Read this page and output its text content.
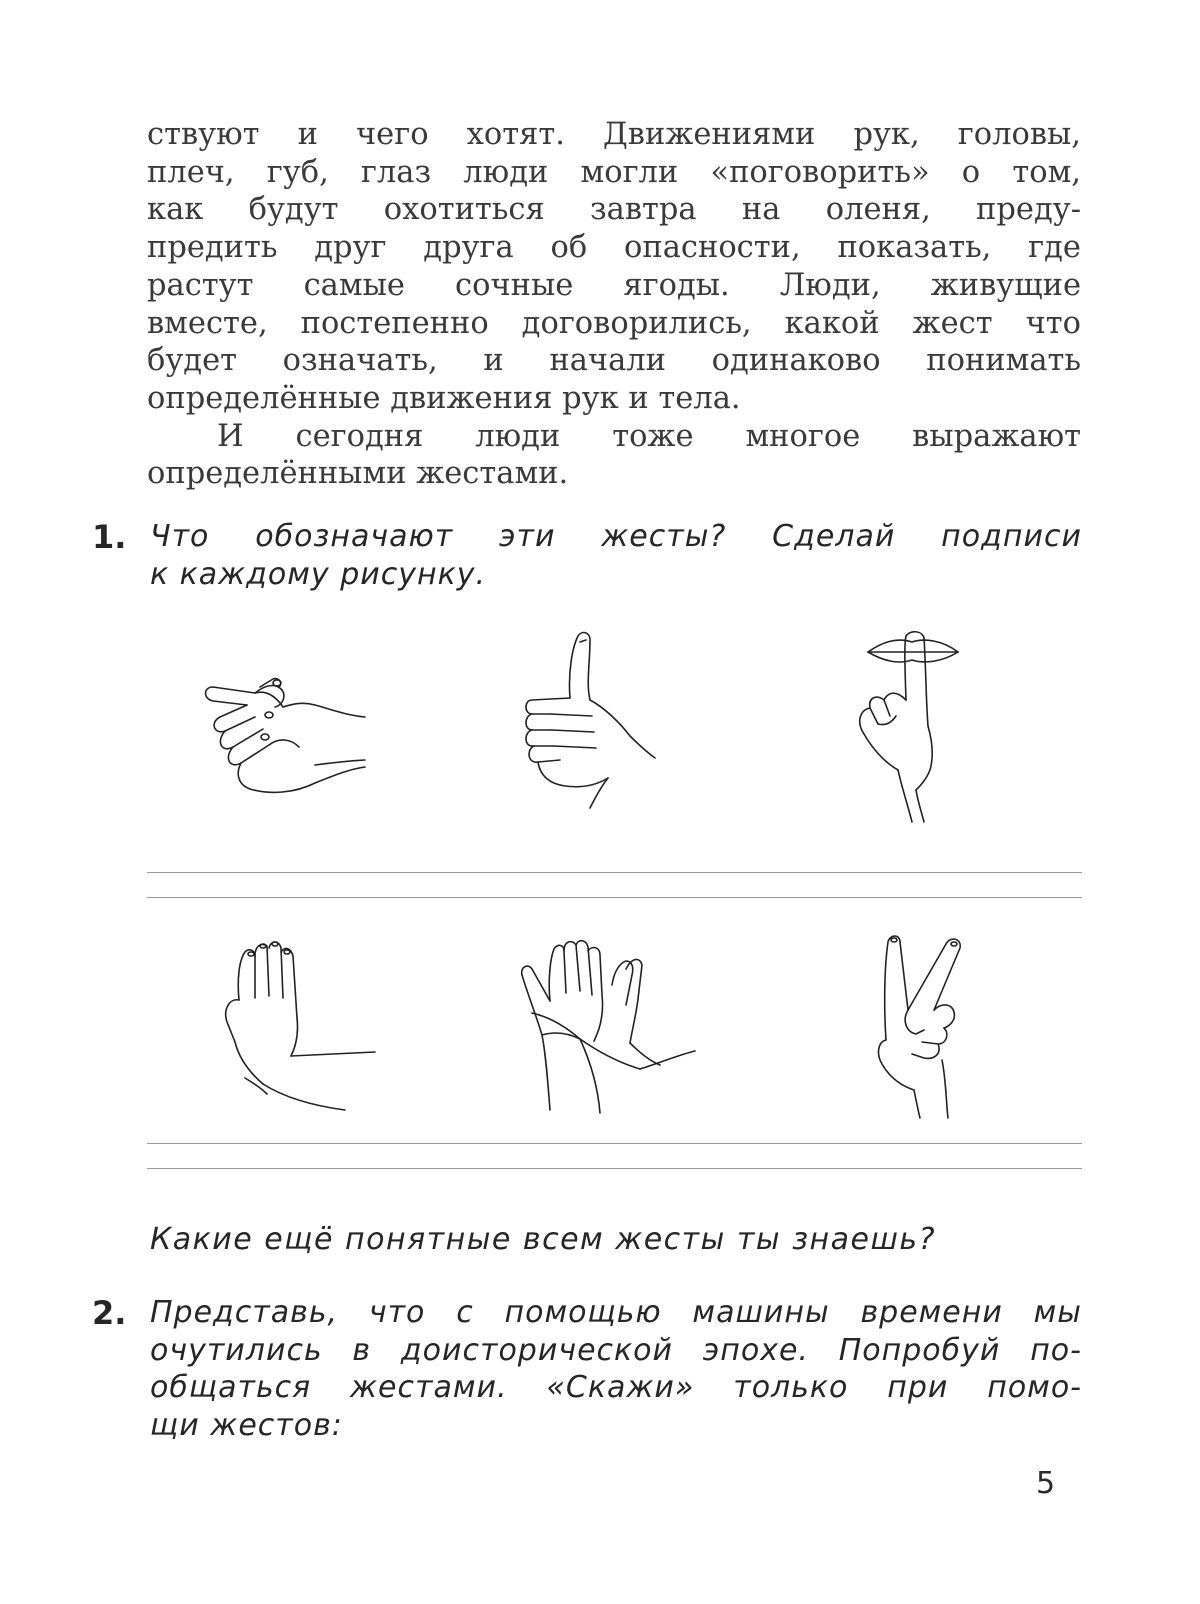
ствуют и чего хотят. Движениями рук, головы,
плеч, губ, глаз люди могли «поговорить» о том,
как будут охотиться завтра на оленя, преду-
предить друг друга об опасности, показать, где
растут самые сочные ягоды. Люди, живущие
вместе, постепенно договорились, какой жест что
будет означать, и начали одинаково понимать
определённые движения рук и тела.
И сегодня люди тоже многое выражают
определёнными жестами.
1. Что обозначают эти жесты? Сделай подписи
к каждому рисунку.
Какие ещё понятные всем жесты ты знаешь?
2. Представь, что с помощью машины времени мы
очутились в доисторической эпохе. Попробуй по-
общаться жестами. «Скажи» только при помо-
щи жестов:
5
